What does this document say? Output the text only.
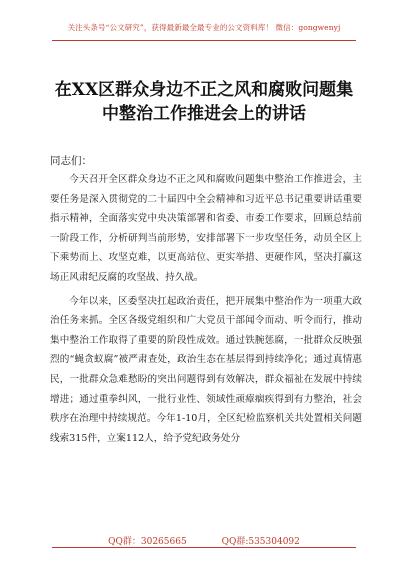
关注头条号“公文研究”，获得最新最全最专业的公文资料库！ 微信：gongwenyj
在XX区群众身边不正之风和腐败问题集
中整治工作推进会上的讲话
同志们：

今天召开全区群众身边不正之风和腐败问题集中整治工作推进会，主要任务是深入贯彻党的二十届四中全会精神和习近平总书记重要讲话重要指示精神，全面落实党中央决策部署和省委、市委工作要求，回顾总结前一阶段工作，分析研判当前形势，安排部署下一步攻坚任务，动员全区上下乘势而上、攻坚克难，以更高站位、更实举措、更硬作风，坚决打赢这场正风肃纪反腐的攻坚战、持久战。

今年以来，区委坚决扛起政治责任，把开展集中整治作为一项重大政治任务来抓。全区各级党组织和广大党员干部闻令而动、听令而行，推动集中整治工作取得了重要的阶段性成效。通过铁腕惩腐，一批群众反映强烈的“蝇贪蚁腐”被严肃查处，政治生态在基层得到持续净化；通过真情惠民，一批群众急难愁盼的突出问题得到有效解决，群众福祉在发展中持续增进；通过重拳纠风，一批行业性、领域性顽瘴痼疾得到有力整治，社会秩序在治理中持续规范。今年1-10月，全区纪检监察机关共处置相关问题线索315件，立案112人，给予党纪政务处分

QQ群：30265665	QQ群:535304092
